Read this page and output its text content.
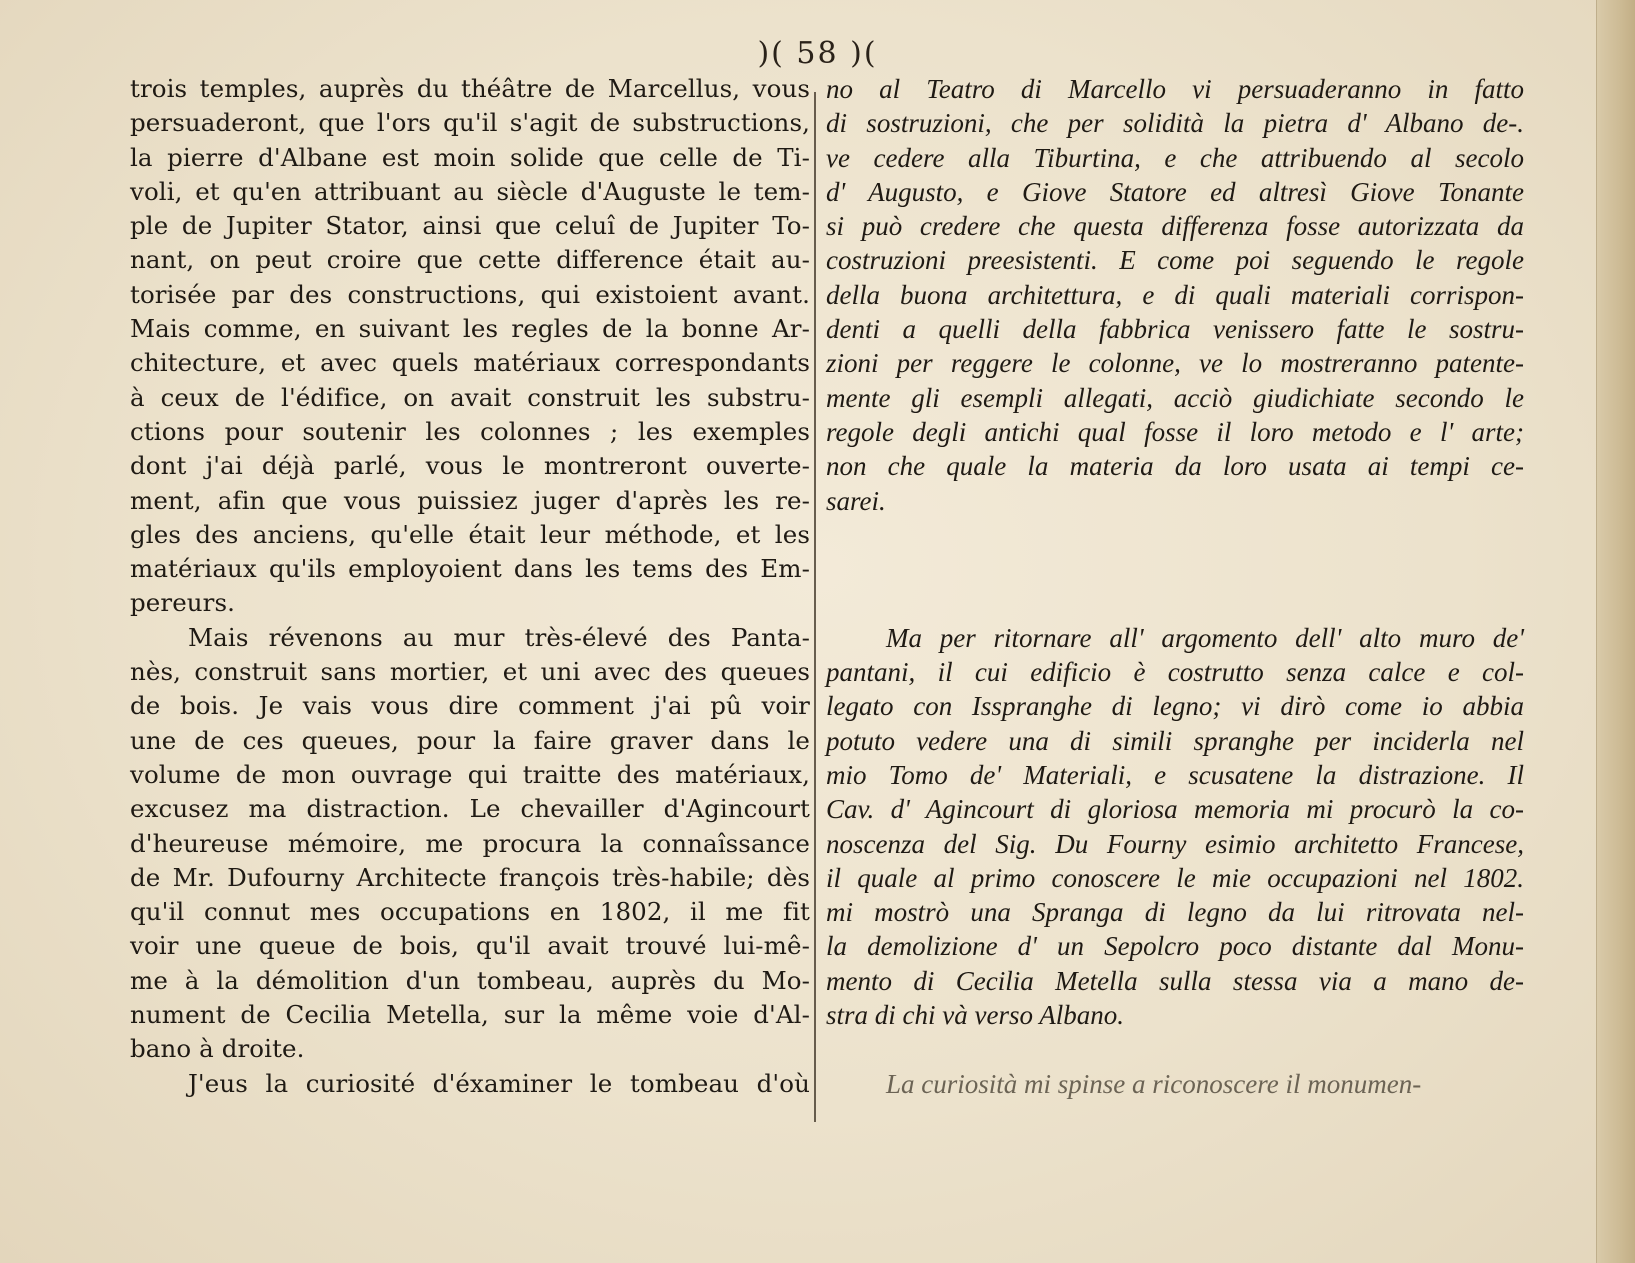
)( 58 )(
trois temples, auprès du théâtre de Marcellus, vous
persuaderont, que l'ors qu'il s'agit de substructions,
la pierre d'Albane est moin solide que celle de Ti-
voli, et qu'en attribuant au siècle d'Auguste le tem-
ple de Jupiter Stator, ainsi que celuî de Jupiter To-
nant, on peut croire que cette difference était au-
torisée par des constructions, qui existoient avant.
Mais comme, en suivant les regles de la bonne Ar-
chitecture, et avec quels matériaux correspondants
à ceux de l'édifice, on avait construit les substru-
ctions pour soutenir les colonnes ; les exemples
dont j'ai déjà parlé, vous le montreront ouverte-
ment, afin que vous puissiez juger d'après les re-
gles des anciens, qu'elle était leur méthode, et les
matériaux qu'ils employoient dans les tems des Em-
pereurs.
Mais révenons au mur très-élevé des Panta-
nès, construit sans mortier, et uni avec des queues
de bois. Je vais vous dire comment j'ai pû voir
une de ces queues, pour la faire graver dans le
volume de mon ouvrage qui traitte des matériaux,
excusez ma distraction. Le chevailler d'Agincourt
d'heureuse mémoire, me procura la connaîssance
de Mr. Dufourny Architecte françois très-habile; dès
qu'il connut mes occupations en 1802, il me fit
voir une queue de bois, qu'il avait trouvé lui-mê-
me à la démolition d'un tombeau, auprès du Mo-
nument de Cecilia Metella, sur la même voie d'Al-
bano à droite.
J'eus la curiosité d'éxaminer le tombeau d'où
no al Teatro di Marcello vi persuaderanno in fatto
di sostruzioni, che per solidità la pietra d' Albano de-.
ve cedere alla Tiburtina, e che attribuendo al secolo
d' Augusto, e Giove Statore ed altresì Giove Tonante
si può credere che questa differenza fosse autorizzata da
costruzioni preesistenti. E come poi seguendo le regole
della buona architettura, e di quali materiali corrispon-
denti a quelli della fabbrica venissero fatte le sostru-
zioni per reggere le colonne, ve lo mostreranno patente-
mente gli esempli allegati, acciò giudichiate secondo le
regole degli antichi qual fosse il loro metodo e l' arte;
non che quale la materia da loro usata ai tempi ce-
sarei.
Ma per ritornare all' argomento dell' alto muro de'
pantani, il cui edificio è costrutto senza calce e col-
legato con Isspranghe di legno; vi dirò come io abbia
potuto vedere una di simili spranghe per inciderla nel
mio Tomo de' Materiali, e scusatene la distrazione. Il
Cav. d' Agincourt di gloriosa memoria mi procurò la co-
noscenza del Sig. Du Fourny esimio architetto Francese,
il quale al primo conoscere le mie occupazioni nel 1802.
mi mostrò una Spranga di legno da lui ritrovata nel-
la demolizione d' un Sepolcro poco distante dal Monu-
mento di Cecilia Metella sulla stessa via a mano de-
stra di chi và verso Albano.
La curiosità mi spinse a riconoscere il monumen-
